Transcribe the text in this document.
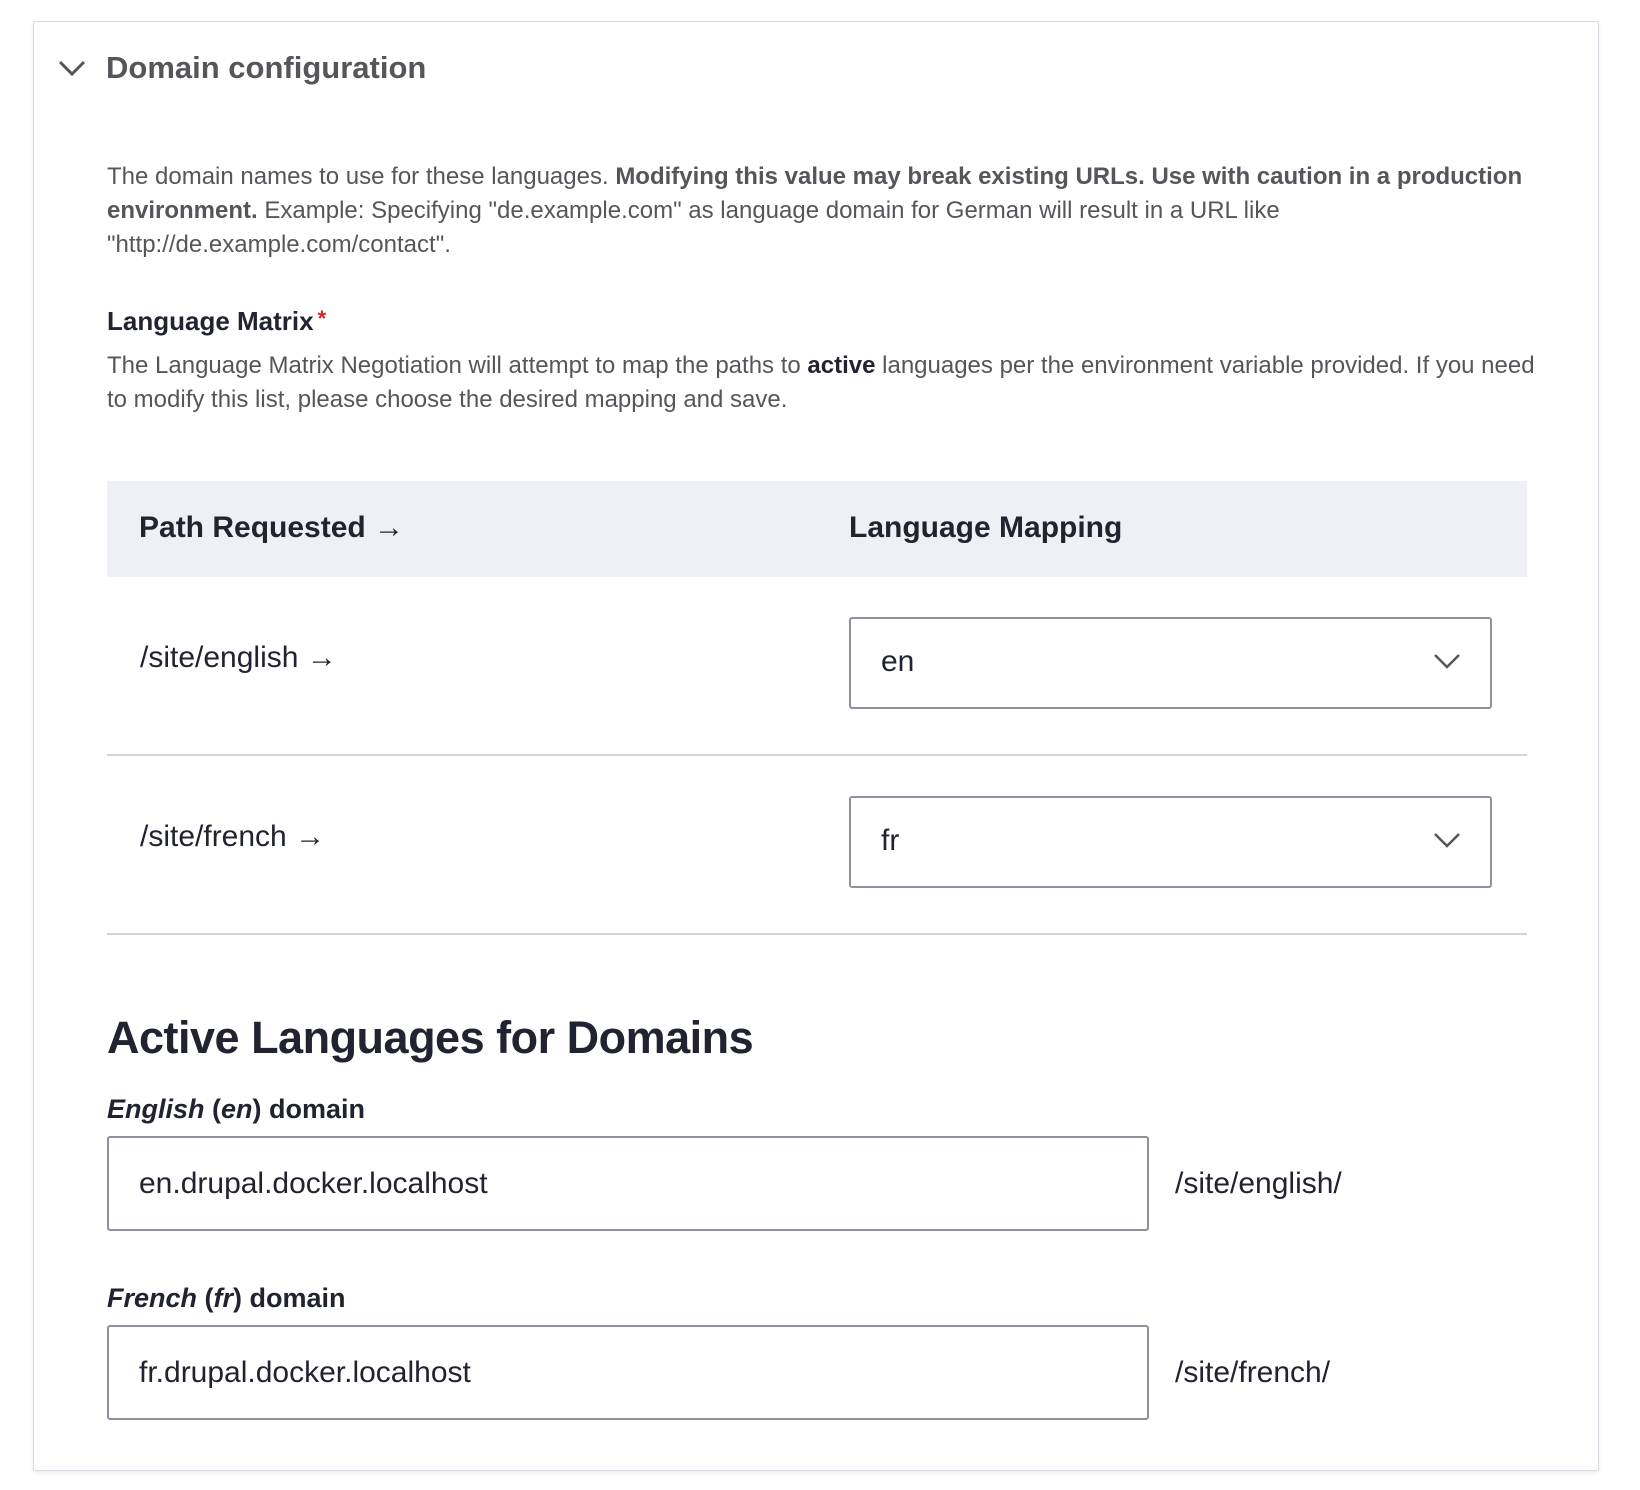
Domain configuration

The domain names to use for these languages. Modifying this value may break existing URLs. Use with caution in a production environment. Example: Specifying "de.example.com" as language domain for German will result in a URL like "http://de.example.com/contact".

Language Matrix *

The Language Matrix Negotiation will attempt to map the paths to active languages per the environment variable provided. If you need to modify this list, please choose the desired mapping and save.

Path Requested →	Language Mapping
/site/english →	en
/site/french →	fr
Active Languages for Domains
English (en) domain
en.drupal.docker.localhost
/site/english/
French (fr) domain
fr.drupal.docker.localhost
/site/french/
